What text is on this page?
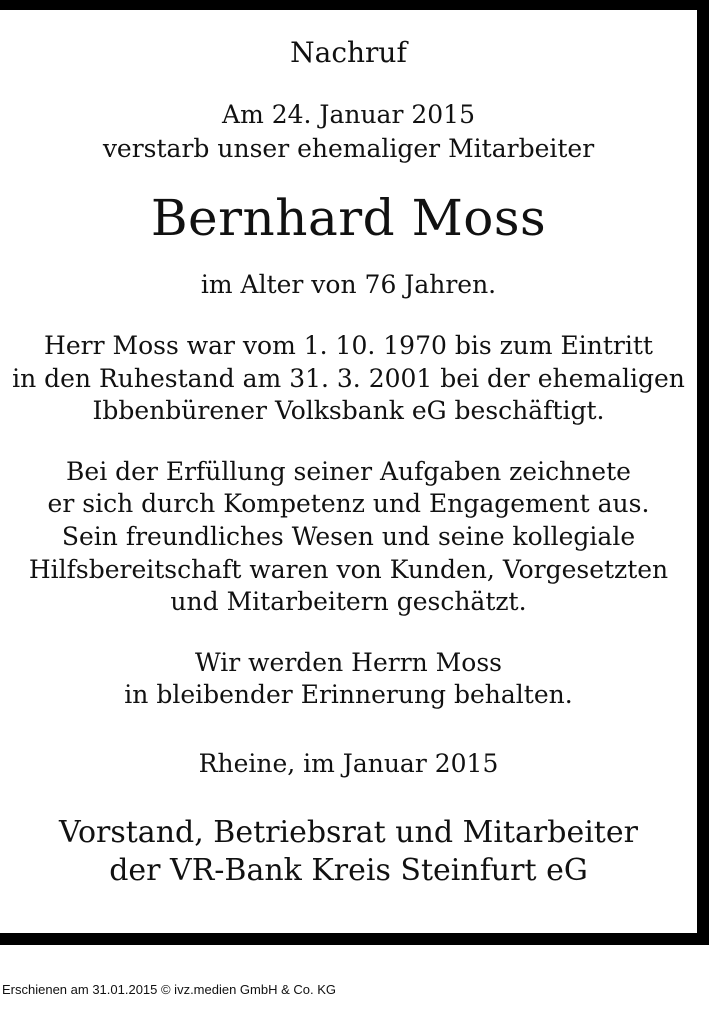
Nachruf
Am 24. Januar 2015
verstarb unser ehemaliger Mitarbeiter
Bernhard Moss
im Alter von 76 Jahren.
Herr Moss war vom 1. 10. 1970 bis zum Eintritt
in den Ruhestand am 31. 3. 2001 bei der ehemaligen
Ibbenbürener Volksbank eG beschäftigt.
Bei der Erfüllung seiner Aufgaben zeichnete
er sich durch Kompetenz und Engagement aus.
Sein freundliches Wesen und seine kollegiale
Hilfsbereitschaft waren von Kunden, Vorgesetzten
und Mitarbeitern geschätzt.
Wir werden Herrn Moss
in bleibender Erinnerung behalten.
Rheine, im Januar 2015
Vorstand, Betriebsrat und Mitarbeiter
der VR-Bank Kreis Steinfurt eG
Erschienen am 31.01.2015 © ivz.medien GmbH & Co. KG
